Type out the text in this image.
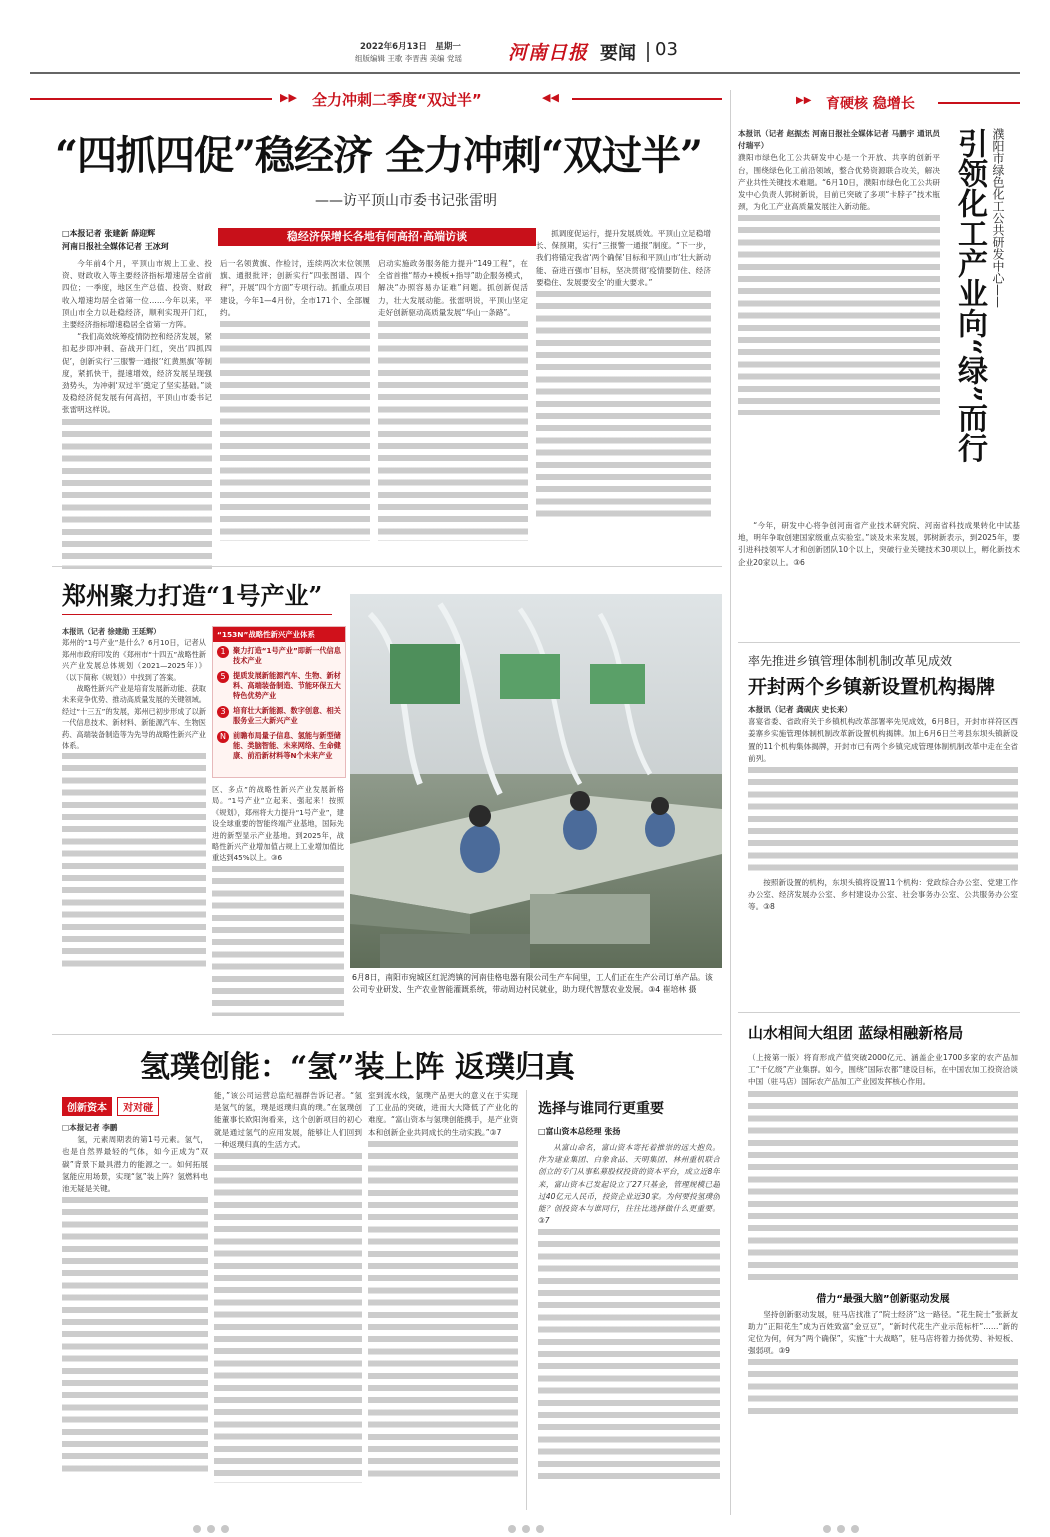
2022年6月13日　星期一
组版编辑 王歌 李晋茜 美编 党瑶 河南日报 要闻 03
▶▶ 全力冲刺二季度“双过半”	◀◀	▶▶ 育硬核 稳增长
“四抓四促”稳经济 全力冲刺“双过半”
——访平顶山市委书记张雷明
□本报记者 张建新 薛迎辉
河南日报社全媒体记者 王冰珂
稳经济保增长各地有何高招·高端访谈

今年前4个月，平顶山市规上工业、投资、财政收入等主要经济指标增速居全省前四位；一季度，地区生产总值、投资、财政收入增速均居全省第一位……今年以来，平顶山市全力以赴稳经济，顺利实现开门红，主要经济指标增速稳居全省第一方阵。

“我们高效统筹疫情防控和经济发展，紧扣起步即冲刺、奋战开门红，突出‘四抓四促’，创新实行‘三服警一通报’‘红黄黑旗’等制度，紧抓快干，提速增效，经济发展呈现强劲势头，为冲刺‘双过半’奠定了坚实基础。”谈及稳经济促发展有何高招，平顶山市委书记张雷明这样说。

后一名领黄旗、作检讨，连续两次末位领黑旗、通报批评；创新实行“四张图谱、四个秤”，开展“四个方面”专项行动。抓重点项目建设，今年1—4月份，全市171个、全部履约。

启动实施政务服务能力提升“149工程”，在全省首推“帮办+模板+指导”助企服务模式，解决“办照容易办证难”问题。抓创新促活力，壮大发展动能。张雷明说，平顶山坚定走好创新驱动高质量发展“华山一条路”。

抓调度促运行，提升发展质效。平顶山立足稳增长、保预期，实行“三报警一通报”制度。“下一步，我们将锚定我省‘两个确保’目标和平顶山市‘壮大新动能、奋进百强市’目标，坚决贯彻‘疫情要防住、经济要稳住、发展要安全’的重大要求。”

郑州聚力打造“1号产业”

本报讯（记者 徐建勋 王延辉）

郑州的“1号产业”是什么？6月10日，记者从郑州市政府印发的《郑州市“十四五”战略性新兴产业发展总体规划（2021—2025年）》（以下简称《规划》）中找到了答案。

战略性新兴产业是培育发展新动能、获取未来竞争优势、推动高质量发展的关键领域。经过“十三五”的发展，郑州已初步形成了以新一代信息技术、新材料、新能源汽车、生物医药、高端装备制造等为先导的战略性新兴产业体系。

“153N”战略性新兴产业体系
1	聚力打造“1号产业”即新一代信息技术产业
5	提质发展新能源汽车、生物、新材料、高端装备制造、节能环保五大特色优势产业
3	培育壮大新能源、数字创意、相关服务业三大新兴产业
N 前瞻布局量子信息、氢能与新型储能、类脑智能、未来网络、生命健康、前沿新材料等N个未来产业

区、多点”的战略性新兴产业发展新格局。“1号产业”立起来、强起来！按照《规划》，郑州将大力提升“1号产业”，建设全球重要的智能终端产业基地，国际先进的新型显示产业基地。到2025年，战略性新兴产业增加值占规上工业增加值比重达到45%以上。③6

6月8日，南阳市宛城区红泥湾镇的河南佳格电器有限公司生产车间里，工人们正在生产公司订单产品。该公司专业研发、生产农业智能灌溉系统，带动周边村民就业，助力现代智慧农业发展。③4 崔培林 摄
氢璞创能：“氢”装上阵 返璞归真
创新资本 对对碰

□本报记者 李鹏

氢，元素周期表的第1号元素。氢气，也是自然界最轻的气体，如今正成为“双碳”背景下最具潜力的能源之一。如何拓展氢能应用场景，实现“氢”装上阵？氢燃料电池无疑是关键。

能，”该公司运营总监纪福群告诉记者。“氢是氢气的氢，璞是返璞归真的璞。”在氢璞创能董事长欧阳洵看来，这个创新项目的初心就是通过氢气的应用发展，能够让人们回到一种返璞归真的生活方式。

室到流水线，氢璞产品更大的意义在于实现了工业品的突破，进而大大降低了产业化的难度。“富山资本与氢璞创能携手，是产业资本和创新企业共同成长的生动实践。”③7

选择与谁同行更重要
□富山资本总经理 张扬

从富山命名，富山资本寄托着推崇的远大抱负。作为建业集团、白象食品、天明集团、林州重机联合创立的专门从事私募股权投资的资本平台，成立近8年来，富山资本已发起设立了27只基金，管理规模已超过40亿元人民币，投资企业近30家。为何要投氢璞创能？创投资本与谁同行，往往比选择做什么更重要。③7

本报讯（记者 赵振杰 河南日报社全媒体记者 马鹏宇 通讯员 付瑞平）

濮阳市绿色化工公共研发中心是一个开放、共享的创新平台，围绕绿色化工前沿领域，整合优势资源联合攻关，解决产业共性关键技术难题。“6月10日，濮阳市绿色化工公共研发中心负责人郭树新说，目前已突破了多项“卡脖子”技术瓶颈，为化工产业高质量发展注入新动能。	濮阳市绿色化工公共研发中心——
引领化工产业向“绿”而行

“今年，研发中心将争创河南省产业技术研究院、河南省科技成果转化中试基地，明年争取创建国家级重点实验室。”谈及未来发展，郭树新表示，到2025年，要引进科技领军人才和创新团队10个以上，突破行业关键技术30项以上，孵化新技术企业20家以上。③6

率先推进乡镇管理体制机制改革见成效
开封两个乡镇新设置机构揭牌

本报讯（记者 龚砚庆 史长来）

喜宴省委、省政府关于乡镇机构改革部署率先见成效，6月8日，开封市祥符区西姜寨乡实施管理体制机制改革新设置机构揭牌。加上6月6日兰考县东坝头镇新设置的11个机构集体揭牌，开封市已有两个乡镇完成管理体制机制改革中走在全省前列。

按照新设置的机构，东坝头镇将设置11个机构：党政综合办公室、党建工作办公室、经济发展办公室、乡村建设办公室、社会事务办公室、公共服务办公室等。③8

山水相间大组团 蓝绿相融新格局

（上接第一版）将育形成产值突破2000亿元、涵盖企业1700多家的农产品加工“千亿级”产业集群。如今，围绕“国际农都”建设目标，在中国农加工投资洽谈中国（驻马店）国际农产品加工产业园发挥核心作用。

借力“最强大脑”创新驱动发展

坚持创新驱动发展，驻马店找准了“院士经济”这一路径。“花生院士”张新友助力“正阳花生”成为百姓致富“金豆豆”，“新时代花生产业示范标杆”……“新的定位为何，何为“两个确保”，实施“十大战略”，驻马店将着力扬优势、补短板、强弱项。③9
